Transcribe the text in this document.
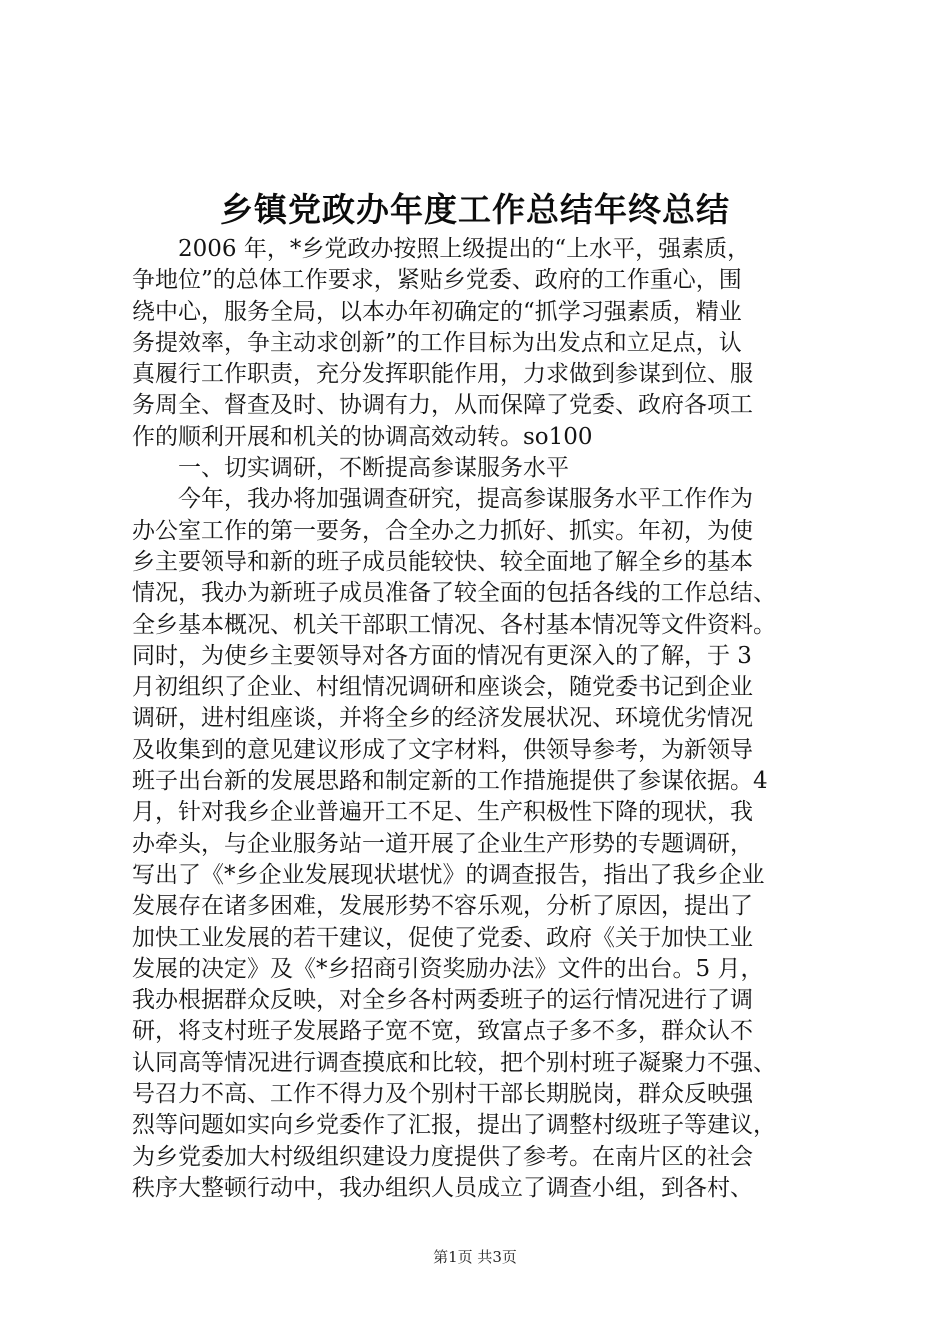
乡镇党政办年度工作总结年终总结

2006 年，*乡党政办按照上级提出的“上水平，强素质，
争地位”的总体工作要求，紧贴乡党委、政府的工作重心，围
绕中心，服务全局，以本办年初确定的“抓学习强素质，精业
务提效率，争主动求创新”的工作目标为出发点和立足点，认
真履行工作职责，充分发挥职能作用，力求做到参谋到位、服
务周全、督查及时、协调有力，从而保障了党委、政府各项工
作的顺利开展和机关的协调高效动转。so100

一、切实调研，不断提高参谋服务水平

今年，我办将加强调查研究，提高参谋服务水平工作作为
办公室工作的第一要务，合全办之力抓好、抓实。年初，为使
乡主要领导和新的班子成员能较快、较全面地了解全乡的基本
情况，我办为新班子成员准备了较全面的包括各线的工作总结、
全乡基本概况、机关干部职工情况、各村基本情况等文件资料。
同时，为使乡主要领导对各方面的情况有更深入的了解，于 3
月初组织了企业、村组情况调研和座谈会，随党委书记到企业
调研，进村组座谈，并将全乡的经济发展状况、环境优劣情况
及收集到的意见建议形成了文字材料，供领导参考，为新领导
班子出台新的发展思路和制定新的工作措施提供了参谋依据。4
月，针对我乡企业普遍开工不足、生产积极性下降的现状，我
办牵头，与企业服务站一道开展了企业生产形势的专题调研，
写出了《*乡企业发展现状堪忧》的调查报告，指出了我乡企业
发展存在诸多困难，发展形势不容乐观，分析了原因，提出了
加快工业发展的若干建议，促使了党委、政府《关于加快工业
发展的决定》及《*乡招商引资奖励办法》文件的出台。5 月，
我办根据群众反映，对全乡各村两委班子的运行情况进行了调
研，将支村班子发展路子宽不宽，致富点子多不多，群众认不
认同高等情况进行调查摸底和比较，把个别村班子凝聚力不强、
号召力不高、工作不得力及个别村干部长期脱岗，群众反映强
烈等问题如实向乡党委作了汇报，提出了调整村级班子等建议，
为乡党委加大村级组织建设力度提供了参考。在南片区的社会
秩序大整顿行动中，我办组织人员成立了调查小组，到各村、

第1页 共3页
